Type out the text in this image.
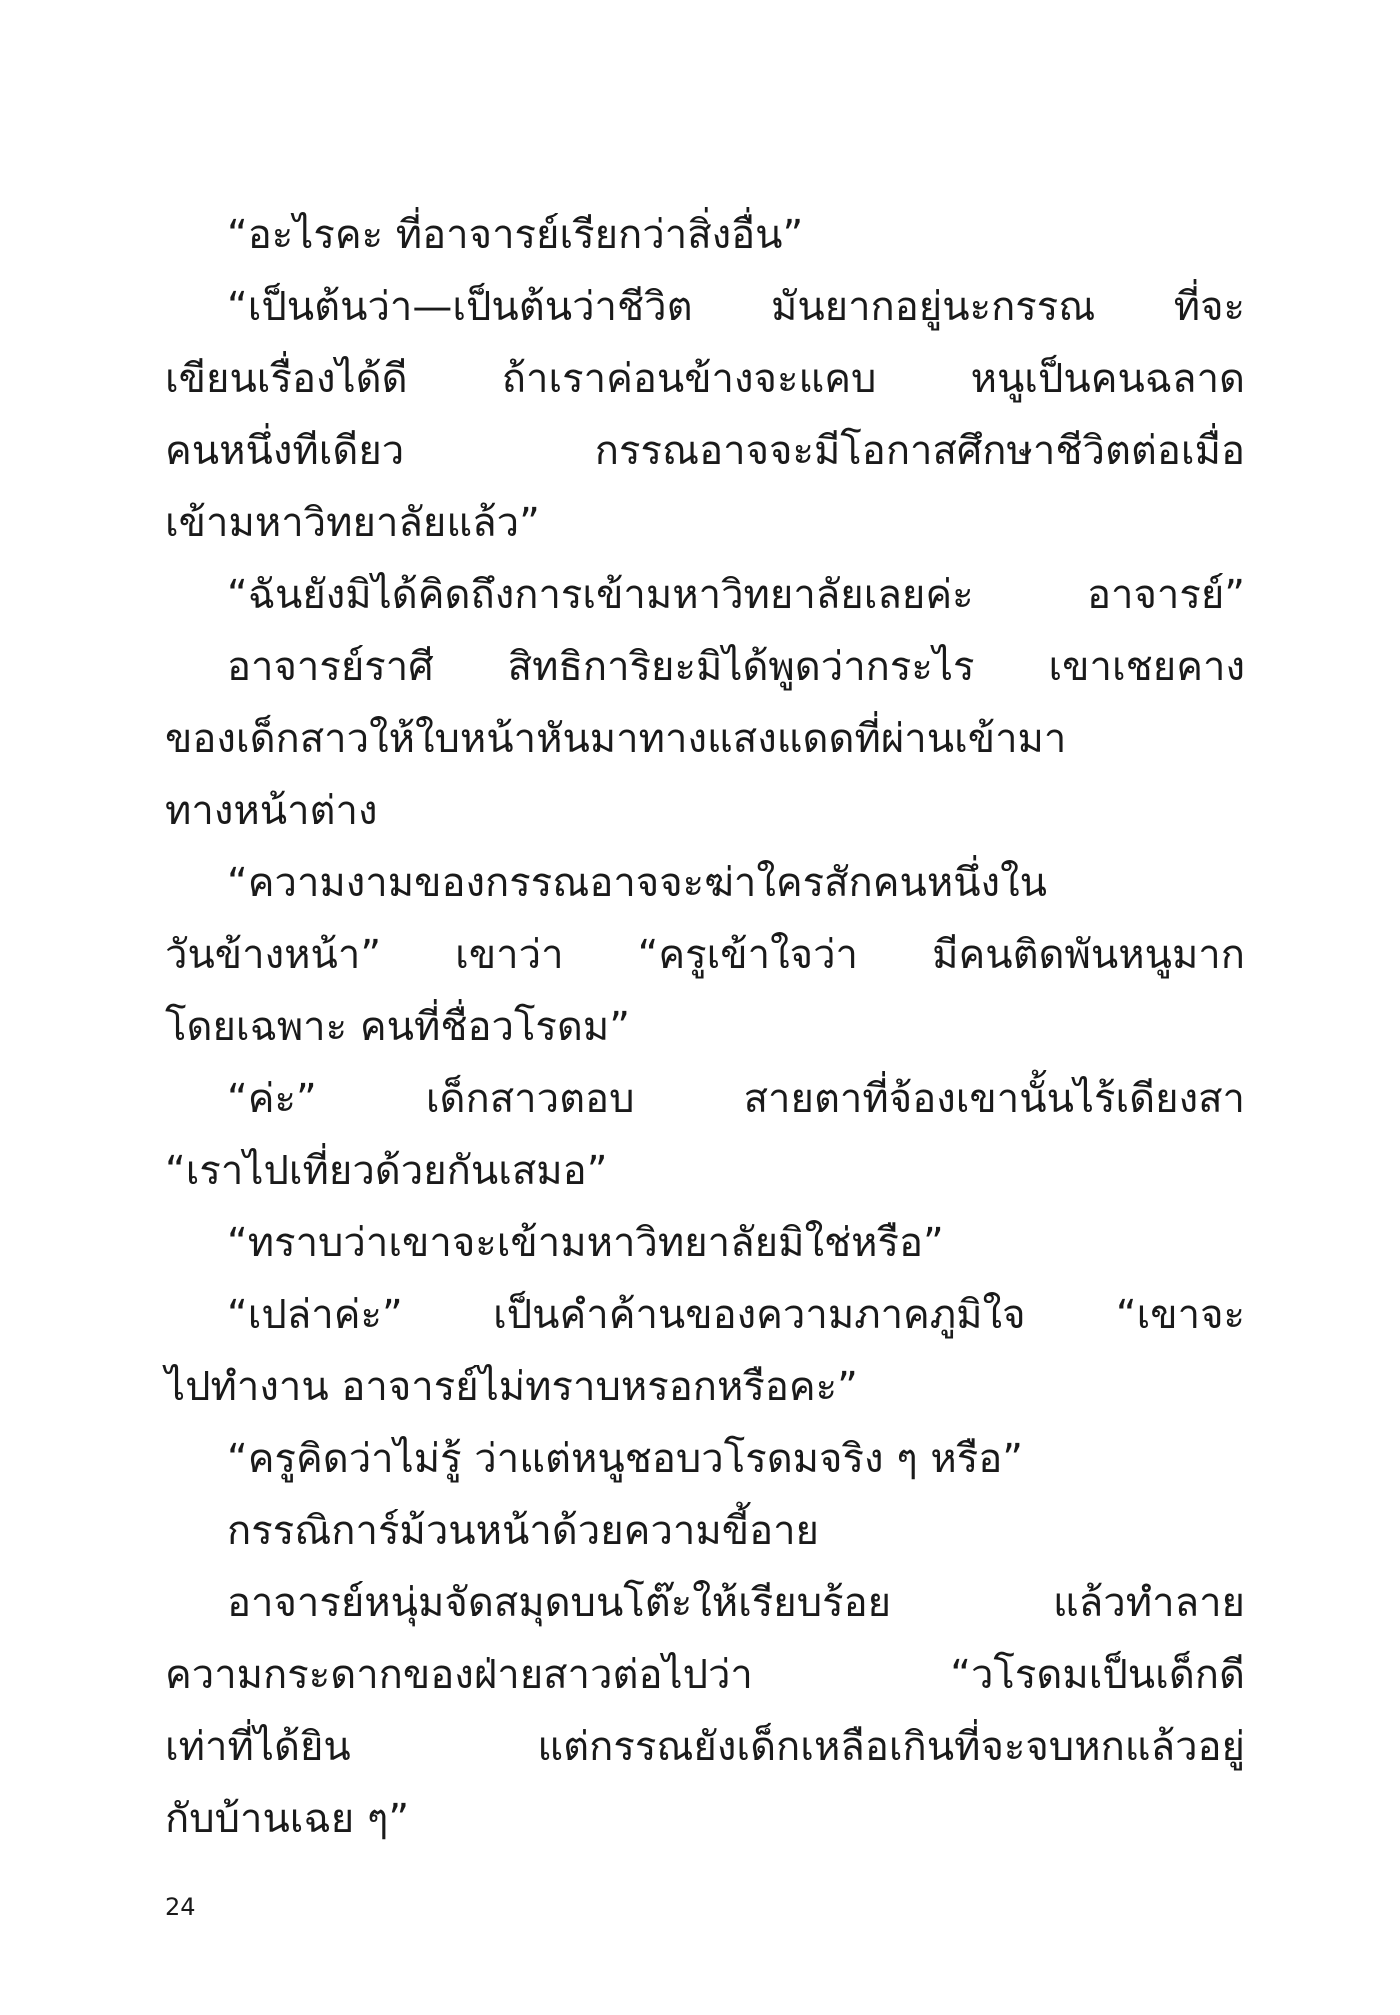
“อะไรคะ ที่อาจารย์เรียกว่าสิ่งอื่น”
“เป็นต้นว่า—เป็นต้นว่าชีวิต มันยากอยู่นะกรรณ ที่จะ
เขียนเรื่องได้ดี ถ้าเราค่อนข้างจะแคบ หนูเป็นคนฉลาด
คนหนึ่งทีเดียว กรรณอาจจะมีโอกาสศึกษาชีวิตต่อเมื่อ
เข้ามหาวิทยาลัยแล้ว”
“ฉันยังมิได้คิดถึงการเข้ามหาวิทยาลัยเลยค่ะ อาจารย์”
อาจารย์ราศี สิทธิการิยะมิได้พูดว่ากระไร เขาเชยคาง
ของเด็กสาวให้ใบหน้าหันมาทางแสงแดดที่ผ่านเข้ามา
ทางหน้าต่าง
“ความงามของกรรณอาจจะฆ่าใครสักคนหนึ่งใน
วันข้างหน้า” เขาว่า “ครูเข้าใจว่า มีคนติดพันหนูมาก
โดยเฉพาะ คนที่ชื่อวโรดม”
“ค่ะ” เด็กสาวตอบ สายตาที่จ้องเขานั้นไร้เดียงสา
“เราไปเที่ยวด้วยกันเสมอ”
“ทราบว่าเขาจะเข้ามหาวิทยาลัยมิใช่หรือ”
“เปล่าค่ะ” เป็นคำค้านของความภาคภูมิใจ “เขาจะ
ไปทำงาน อาจารย์ไม่ทราบหรอกหรือคะ”
“ครูคิดว่าไม่รู้ ว่าแต่หนูชอบวโรดมจริง ๆ หรือ”
กรรณิการ์ม้วนหน้าด้วยความขี้อาย
อาจารย์หนุ่มจัดสมุดบนโต๊ะให้เรียบร้อย แล้วทำลาย
ความกระดากของฝ่ายสาวต่อไปว่า “วโรดมเป็นเด็กดี
เท่าที่ได้ยิน แต่กรรณยังเด็กเหลือเกินที่จะจบหกแล้วอยู่
กับบ้านเฉย ๆ”
24
